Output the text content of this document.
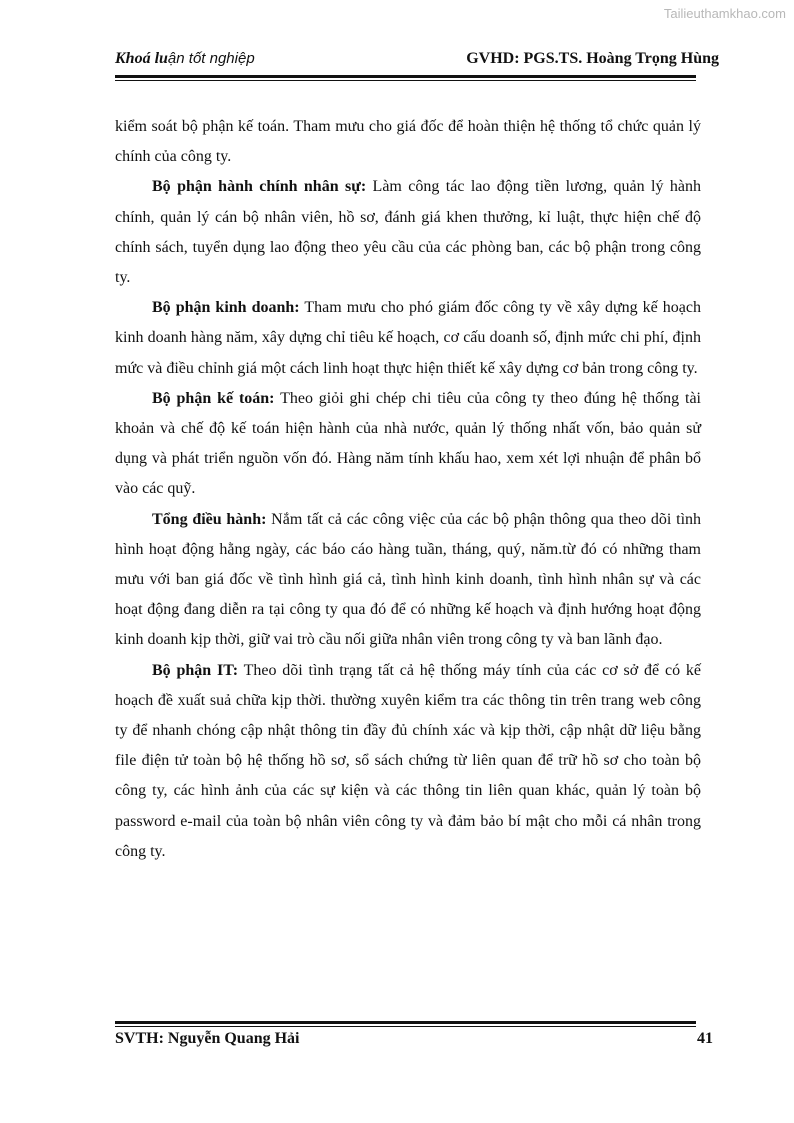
Tailieuthamkhao.com
Khoá luận tốt nghiệp	GVHD: PGS.TS. Hoàng Trọng Hùng

kiểm soát bộ phận kế toán. Tham mưu cho giá đốc để hoàn thiện hệ thống tổ chức quản lý chính của công ty.

Bộ phận hành chính nhân sự: Làm công tác lao động tiền lương, quản lý hành chính, quản lý cán bộ nhân viên, hồ sơ, đánh giá khen thưởng, kỉ luật, thực hiện chế độ chính sách, tuyển dụng lao động theo yêu cầu của các phòng ban, các bộ phận trong công ty.

Bộ phận kinh doanh: Tham mưu cho phó giám đốc công ty về xây dựng kế hoạch kinh doanh hàng năm, xây dựng chỉ tiêu kế hoạch, cơ cấu doanh số, định mức chi phí, định mức và điều chỉnh giá một cách linh hoạt thực hiện thiết kế xây dựng cơ bản trong công ty.

Bộ phận kế toán: Theo giỏi ghi chép chi tiêu của công ty theo đúng hệ thống tài khoản và chế độ kế toán hiện hành của nhà nước, quản lý thống nhất vốn, bảo quản sử dụng và phát triển nguồn vốn đó. Hàng năm tính khấu hao, xem xét lợi nhuận để phân bổ vào các quỹ.

Tổng điều hành: Nắm tất cả các công việc của các bộ phận thông qua theo dõi tình hình hoạt động hằng ngày, các báo cáo hàng tuần, tháng, quý, năm.từ đó có những tham mưu với ban giá đốc về tình hình giá cả, tình hình kinh doanh, tình hình nhân sự và các hoạt động đang diễn ra tại công ty qua đó để có những kế hoạch và định hướng hoạt động kinh doanh kịp thời, giữ vai trò cầu nối giữa nhân viên trong công ty và ban lãnh đạo.

Bộ phận IT: Theo dõi tình trạng tất cả hệ thống máy tính của các cơ sở để có kế hoạch đề xuất suả chữa kịp thời. thường xuyên kiểm tra các thông tin trên trang web công ty để nhanh chóng cập nhật thông tin đầy đủ chính xác và kịp thời, cập nhật dữ liệu bằng file điện tử toàn bộ hệ thống hồ sơ, sổ sách chứng từ liên quan để trữ hồ sơ cho toàn bộ công ty, các hình ảnh của các sự kiện và các thông tin liên quan khác, quản lý toàn bộ password e-mail của toàn bộ nhân viên công ty và đảm bảo bí mật cho mỗi cá nhân trong công ty.

SVTH: Nguyễn Quang Hải	41
